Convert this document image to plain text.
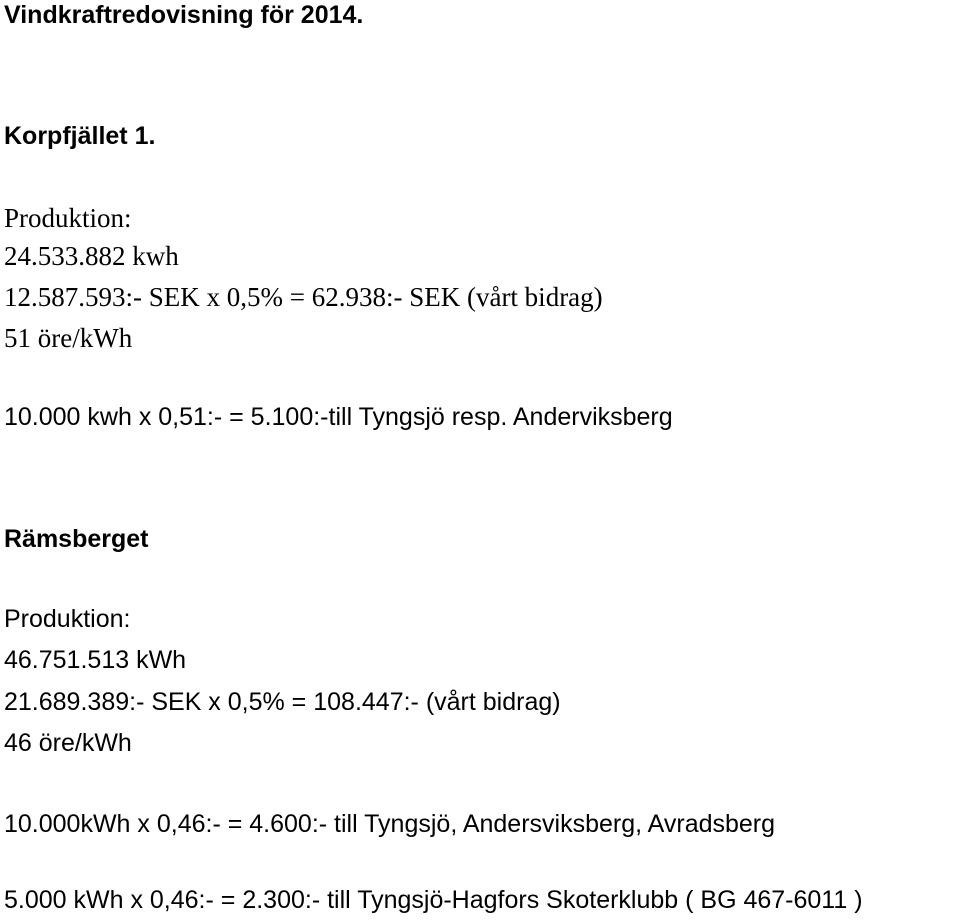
Vindkraftredovisning för 2014.
Korpfjället 1.
Produktion:
24.533.882 kwh
12.587.593:- SEK x 0,5% = 62.938:- SEK (vårt bidrag)
51 öre/kWh
10.000 kwh x 0,51:- = 5.100:-till Tyngsjö resp. Anderviksberg
Rämsberget
Produktion:
46.751.513 kWh
21.689.389:- SEK x 0,5% = 108.447:- (vårt bidrag)
46 öre/kWh
10.000kWh x 0,46:- = 4.600:- till Tyngsjö, Andersviksberg, Avradsberg
5.000 kWh x 0,46:- = 2.300:- till Tyngsjö-Hagfors Skoterklubb ( BG 467-6011 )
